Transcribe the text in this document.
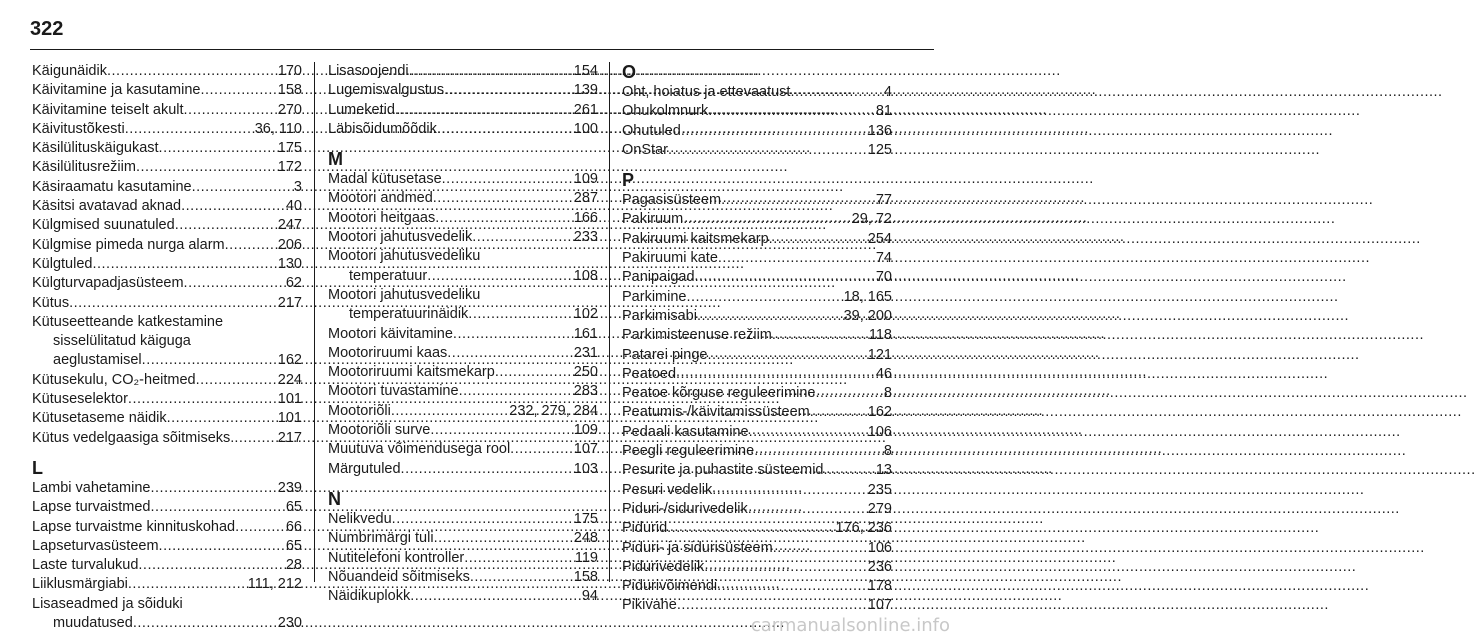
322
Käigunäidik .....	170
Käivitamine ja kasutamine .....	158
Käivitamine teiselt akult .....	270
Käivitustõkesti .....	36, 110
Käsilülituskäigukast .....	175
Käsilülitusrežiim .....	172
Käsiraamatu kasutamine .....	3
Käsitsi avatavad aknad .....	40
Külgmised suunatuled .....	247
Külgmise pimeda nurga alarm .....	206
Külgtuled .....	130
Külgturvapadjasüsteem .....	62
Kütus .....	217
Kütuseetteande katkestamine
sisselülitatud käiguga
aeglustamisel .....	162
Kütusekulu, CO₂-heitmed .....	224
Kütuseselektor .....	101
Kütusetaseme näidik .....	101
Kütus vedelgaasiga sõitmiseks. .....	217
L
Lambi vahetamine .....	239
Lapse turvaistmed .....	65
Lapse turvaistme kinnituskohad .....	66
Lapseturvasüsteem .....	65
Laste turvalukud .....	28
Liiklusmärgiabi .....	111, 212
Lisaseadmed ja sõiduki
muudatused .....	230
Lisasoojendi .....	154
Lugemisvalgustus .....	139
Lumeketid .....	261
Läbisõidumõõdik .....	100
M
Madal kütusetase .....	109
Mootori andmed .....	287
Mootori heitgaas .....	166
Mootori jahutusvedelik .....	233
Mootori jahutusvedeliku
temperatuur .....	108
Mootori jahutusvedeliku
temperatuurinäidik .....	102
Mootori käivitamine .....	161
Mootoriruumi kaas .....	231
Mootoriruumi kaitsmekarp .....	250
Mootori tuvastamine .....	283
Mootoriõli .....	232, 279, 284
Mootoriõli surve .....	109
Muutuva võimendusega rool .....	107
Märgutuled .....	103
N
Nelikvedu .....	175
Numbrimärgi tuli .....	248
Nutitelefoni kontroller .....	119
Nõuandeid sõitmiseks .....	158
Näidikuplokk .....	94
O
Oht, hoiatus ja ettevaatust .....	4
Ohukolmnurk .....	81
Ohutuled .....	136
OnStar .....	125
P
Pagasisüsteem .....	77
Pakiruum .....	29, 72
Pakiruumi kaitsmekarp .....	254
Pakiruumi kate .....	74
Panipaigad .....	70
Parkimine .....	18, 165
Parkimisabi .....	39, 200
Parkimisteenuse režiim .....	118
Patarei pinge .....	121
Peatoed .....	46
Peatoe kõrguse reguleerimine .....	8
Peatumis-/käivitamissüsteem .....	162
Pedaali kasutamine .....	106
Peegli reguleerimine .....	8
Pesurite ja puhastite süsteemid .....	13
Pesuri vedelik .....	235
Piduri-/sidurivedelik .....	279
Pidurid .....	176, 236
Piduri- ja sidurisüsteem .....	106
Pidurivedelik .....	236
Pidurivõimendi .....	178
Pikivahe .....	107
carmanualsonline.info
